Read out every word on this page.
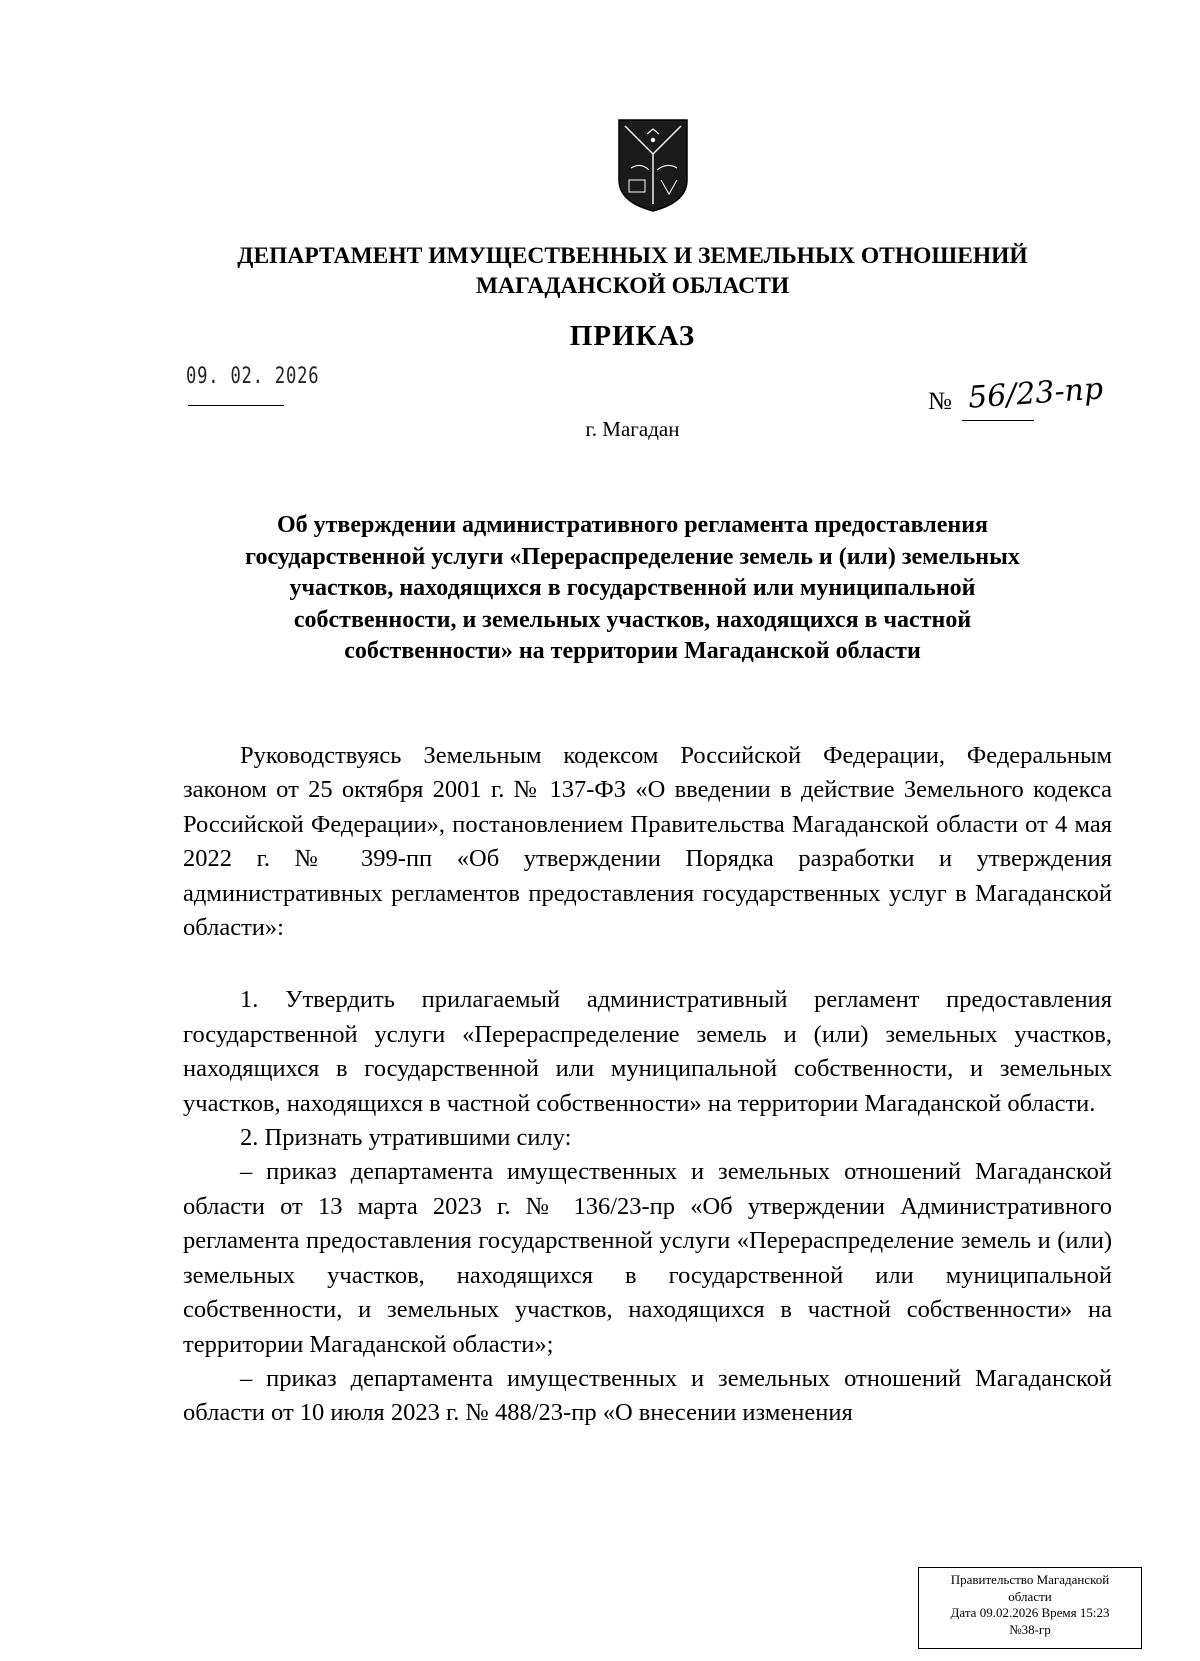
ДЕПАРТАМЕНТ ИМУЩЕСТВЕННЫХ И ЗЕМЕЛЬНЫХ ОТНОШЕНИЙ
МАГАДАНСКОЙ ОБЛАСТИ
ПРИКАЗ
09. 02. 2026
№ 56/23-пр
г. Магадан
Об утверждении административного регламента предоставления
государственной услуги «Перераспределение земель и (или) земельных
участков, находящихся в государственной или муниципальной
собственности, и земельных участков, находящихся в частной
собственности» на территории Магаданской области

Руководствуясь Земельным кодексом Российской Федерации, Федеральным законом от 25 октября 2001 г. № 137-ФЗ «О введении в действие Земельного кодекса Российской Федерации», постановлением Правительства Магаданской области от 4 мая 2022 г. № 399-пп «Об утверждении Порядка разработки и утверждения административных регламентов предоставления государственных услуг в Магаданской области»:

1. Утвердить прилагаемый административный регламент предоставления государственной услуги «Перераспределение земель и (или) земельных участков, находящихся в государственной или муниципальной собственности, и земельных участков, находящихся в частной собственности» на территории Магаданской области.

2. Признать утратившими силу:

– приказ департамента имущественных и земельных отношений Магаданской области от 13 марта 2023 г. № 136/23-пр «Об утверждении Административного регламента предоставления государственной услуги «Перераспределение земель и (или) земельных участков, находящихся в государственной или муниципальной собственности, и земельных участков, находящихся в частной собственности» на территории Магаданской области»;

– приказ департамента имущественных и земельных отношений Магаданской области от 10 июля 2023 г. № 488/23-пр «О внесении изменения

Правительство Магаданской
области
Дата 09.02.2026 Время 15:23
№38-гр
